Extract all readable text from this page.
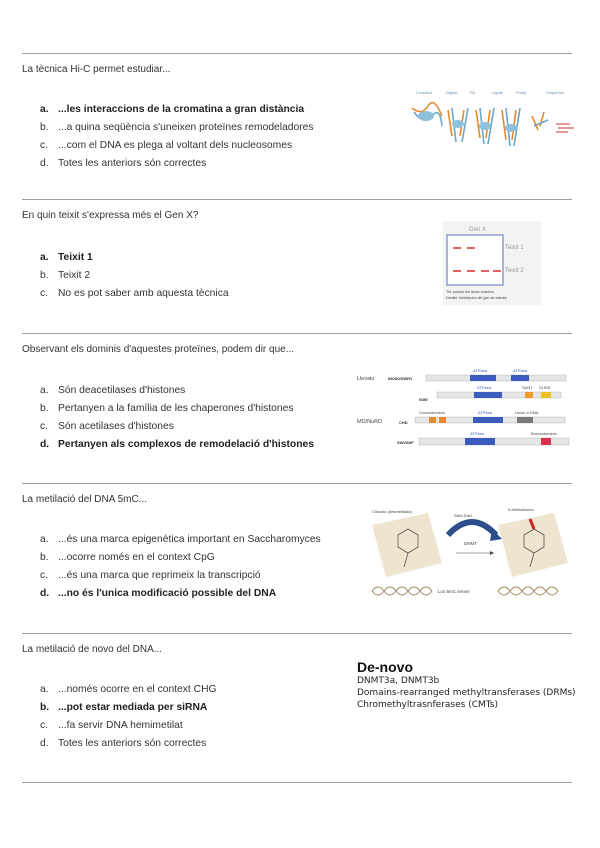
La tècnica Hi-C permet estudiar...
a. ...les interaccions de la cromatina a gran distància
b. ...a quina seqüència s'uneixen proteïnes remodeladores
c. ...com el DNA es plega al voltant dels nucleosomes
d. Totes les anteriors són correctes
Crosslink	Digest	Fill	Ligate	Purify	Sequence
En quin teixit s'expressa més el Gen X?
a. Teixit 1
b. Teixit 2
c. No es pot saber amb aquesta tècnica
Gen X
Teixit 1
Teixit 2
Trs: posició del ácido nucleico
Detalle: hibridación del gen de estudio
Observant els dominis d'aquestes proteïnes, podem dir que...
a. Són deacetilases d'histones
b. Pertanyen a la família de les chaperones d'histones
c. Són acetilases d'histones
d. Pertanyen als complexos de remodelació d'histones
Llevats
MD/NuRD
INO80/SWR1
ISWI
CHD
SWI/SNF
ATPasa	ATPasa
ATPasa	SANT SLIDE
Cromodominio	ATPasa	Unión a DNA
ATPasa	Bromodominio
La metilació del DNA 5mC...
a. ...és una marca epigenètica important en Saccharomyces
b. ...ocorre només en el context CpG
c. ...és una marca que reprimeix la transcripció
d. ...no és l'unica modificació possible del DNA
Citosina (desmetilada)	5-Metilcitosina
SAM SAH
DNMT
Los 5mC tienen
La metilació de novo del DNA...
a. ...només ocorre en el context CHG
b. ...pot estar mediada per siRNA
c. ...fa servir DNA hemimetilat
d. Totes les anteriors són correctes
De-novo
DNMT3a, DNMT3b
Domains-rearranged methyltransferases (DRMs)
Chromethyltrasnferases (CMTs)
